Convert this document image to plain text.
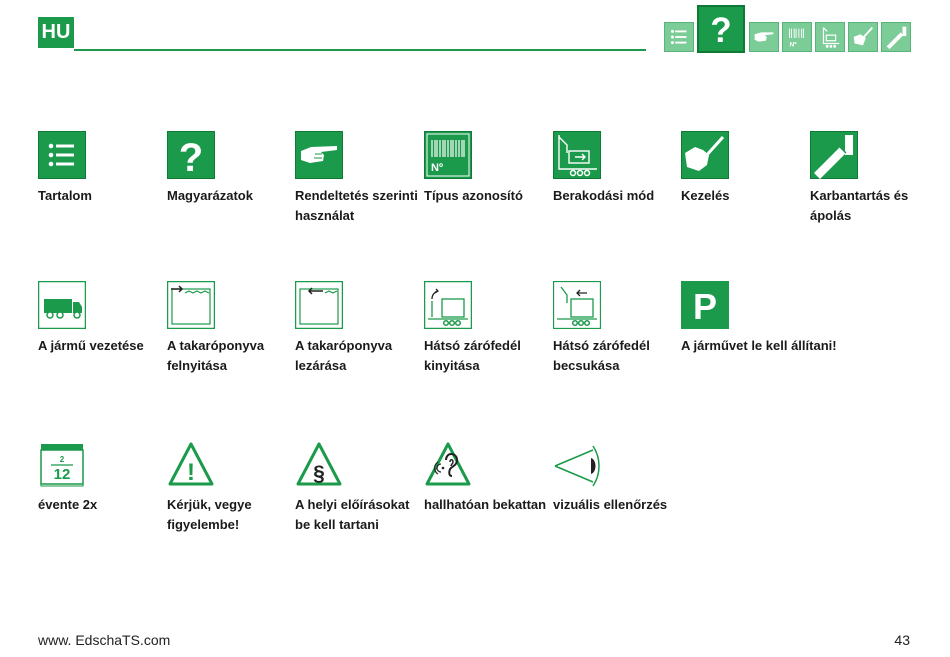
HU	?	Nº
Tartalom
?
Magyarázatok	Rendeltetés szerinti használat
Nº
Típus azonosító	Berakodási mód	Kezelés	Karbantartás és ápolás
A jármű vezetése	A takaróponyva felnyitása
A takaróponyva lezárása
Hátsó zárófedél kinyitása
Hátsó zárófedél becsukása
P
A járművet le kell állítani!
2
12
évente 2x
!
Kérjük, vegye figyelembe!
§
A helyi előírásokat be kell tartani
hallhatóan bekattan vizuális ellenőrzés
www. EdschaTS.com	43
